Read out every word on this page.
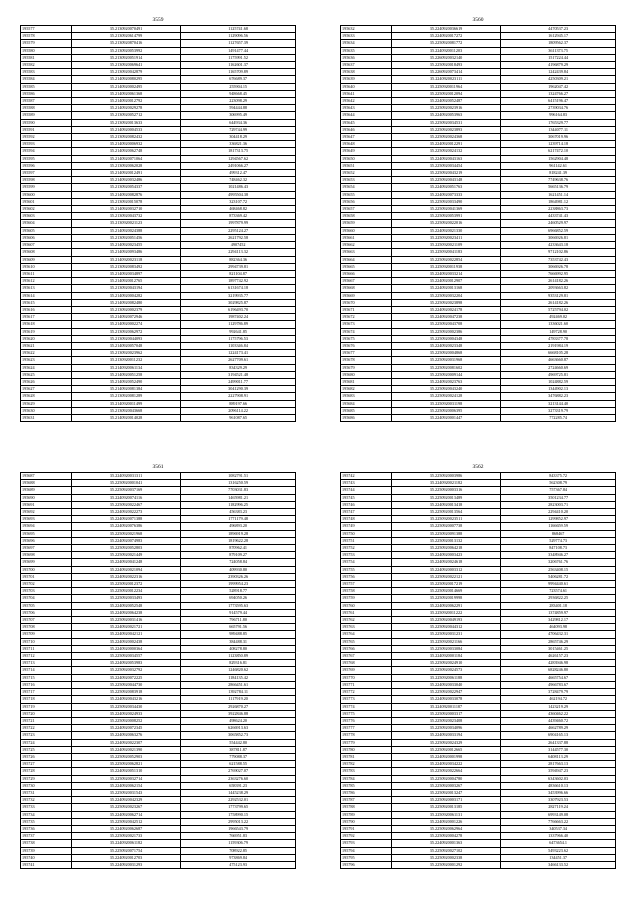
3559
195577	35.2130920070491	1125741.68
195578	35.2130920614799	1129096.56
195579	35.2130920870416	1127657.39
195580	35.2130920053992	1491477.44
195581	35.2130920051914	1175991.52
195582	35.2130920069641	1162601.37
195583	35.2130920042879	1165709.89
195584	35.2140920080295	676689.37
195585	35.2140920002495	255904.15
195586	35.2140920061368	948668.45
195587	35.2140920012792	223098.29
195588	35.2140920029278	594444.88
195589	35.2130920052712	306995.49
195590	35.2130920013633	644934.36
195591	35.2140920004533	729744.99
195592	35.2130920082432	304418.29
195593	35.2140920006932	336821.36
195594	35.2140920062748	1817313.75
195595	35.2140920071064	1294567.62
195596	35.2130920062028	2491066.27
195597	35.2140920012491	499312.47
195598	35.2140920032486	748462.32
195599	35.2130920054337	1021486.43
195600	35.2140920082876	4995504.38
195601	35.2130920015078	323107.72
195602	35.2140920032710	468468.82
195603	35.2130920043732	873369.42
195604	35.2130920021123	1997879.99
195605	35.2140920024388	2295124.27
195606	35.2130920051456	2621792.58
195607	35.2140920023455	4907452
195608	35.2140920093486	2294113.32
195609	35.2140920023118	882364.36
195610	35.2130920083492	2994739.81
195611	35.2140920034897	821104.87
195612	35.2140920012765	1897742.92
195613	35.2130920043194	6131674.18
195614	35.2140920004282	3219935.77
195615	35.2140920082480	3029825.87
195616	35.2130920002379	6196493.70
195617	35.2140920072946	1987402.24
195618	35.2140920002274	1129786.89
195619	35.2130920062972	992641.85
195620	35.2130920044093	1175796.53
195621	35.2140920057048	1103346.84
195622	35.2130920023962	1224173.41
195623	35.2130920011232	2627709.61
195624	35.2140920061134	834329.29
195625	35.2140920051258	3194521.48
195626	35.2140920052490	2499011.77
195627	35.2140920081384	3041290.39
195628	35.2130920081289	2227908.91
195629	35.2140920011499	889197.66
195630	35.2130920043668	2096114.22
195631	35.2140920014028	961087.65
3560
195632	35.2240920036619	4470537.23
195633	35.2240920017272	1612945.17
195634	35.2250920081772	1809562.37
195635	35.2240920011203	3611373.75
195636	35.2260920032140	1517224.44
195637	35.2250920018493	4196879.29
195638	35.2260920073414	1242439.84
195639	35.2240920023111	4250309.21
195640	35.2250920011964	1962047.42
195641	35.2250920012094	1324766.27
195642	35.2240920052487	6415196.47
195643	35.2250920023916	2739034.76
195644	35.2240920053963	996164.83
195645	35.2250920034531	1765329.77
195646	35.2250920023893	1344077.11
195647	35.2250920024368	3067019.96
195648	35.2240920012291	1239714.18
195649	35.2250920024132	6217472.10
195650	35.2240920043163	1562904.48
195651	35.2250920034454	961142.61
195652	35.2250920043219	818241.39
195653	35.2250920043148	7749638.76
195654	35.2240920051763	5665136.79
195655	35.2240920073333	1621451.14
195656	35.2250920033490	1864981.12
195657	35.2250920041369	2238863.73
195658	35.2250920053991	4433741.43
195659	35.2250920022016	2460529.97
195660	35.2240920021330	6966852.59
195661	35.2250920023411	3066926.81
195662	35.2250920021109	4233643.18
195663	35.2250920041183	9712102.86
195664	35.2250920022854	7353742.43
195665	35.2250920011938	3066926.78
195666	35.2240920033214	7666992.95
195667	35.2240920012907	2614182.26
195668	35.2240920013168	2093663.82
195669	35.2250920032204	9353129.81
195670	35.2250920023898	2614182.26
195671	35.2240920024178	5725794.02
195672	35.2240920047238	492469.02
195673	35.2250920043708	1336021.60
195674	35.2250920002386	149728.90
195675	35.2250920004348	4783377.78
195676	35.2240920023348	2191984.19
195677	35.2250920004868	6668105.28
195678	35.2250920031968	4663660.87
195679	35.2250920081602	2724660.69
195680	35.2250920009144	4969725.81
195681	35.2240920023763	1024882.59
195682	35.2250920043240	1344902.13
195683	35.2250920024128	3476882.23
195684	35.2250920031198	3213144.40
195685	35.2250920006395	3273319.79
195686	35.2240920001447	772285.74
3561
195687	35.2240920031311	1082791.51
195688	35.2250920001041	1316250.59
195689	35.2250920037169	7703031.83
195690	35.2240920074116	1465981.21
195691	35.2250920022467	1182996.25
195692	35.2240920022273	456383.23
195693	35.2240920071388	1771179.48
195694	35.2240920076386	496893.20
195695	35.2250920021968	1896919.28
195696	35.2240920074983	1819622.28
195697	35.2250920052803	870962.41
195698	35.2250920021449	879109.27
195699	35.2240920041248	724058.84
195700	35.2240920021094	409930.80
195701	35.2240920022316	2390326.26
195702	35.2250920012372	1999954.23
195703	35.2250920012234	528918.77
195704	35.2250920033493	694050.26
195705	35.2240920052548	1773595.63
195706	35.2240920064238	914579.44
195707	35.2250920031416	796711.80
195708	35.2240920021721	665791.56
195709	35.2240920042121	989488.85
195710	35.2240920002438	384488.31
195711	35.2240920000364	408278.80
195712	35.2250920034557	1123850.89
195713	35.2240920053983	829316.81
195714	35.2250920032792	1246820.62
195715	35.2240920072225	1184135.42
195716	35.2250920044730	2866451.61
195717	35.2250920083918	1392784.11
195718	35.2240920043216	1117919.20
195719	35.2250920034430	2926870.27
195720	35.2240920024933	3922846.88
195721	35.2250920008252	498624.20
195722	35.2240920072345	6266913.63
195723	35.2240920063276	3065852.73
195724	35.2240920022307	554442.80
195725	35.2240920021390	387811.87
195726	35.2250920052903	779088.37
195727	35.2250920062821	621588.55
195728	35.2240920051310	2769027.07
195729	35.2250920032714	2363276.60
195730	35.2240920062154	658391.23
195731	35.2250920031543	1445238.29
195732	35.2240920042329	2292532.01
195733	35.2250920023267	1773799.65
195734	35.2240920062714	1758990.15
195735	35.2250920042512	2995013.22
195736	35.2240920062687	1966543.79
195737	35.2250920021733	766951.83
195738	35.2240920061182	1159306.79
195739	35.2250920071754	708922.85
195740	35.2240920012703	973869.84
195741	35.2240920031293	475123.93
3562
195742	35.2250920003986	843375.72
195743	35.2240920021182	562308.79
195744	35.2250920003316	757367.84
195745	35.2250920013489	3501234.77
195746	35.2240920013418	2823003.71
195747	35.2250920013564	2294410.20
195748	35.2250920023511	1299852.97
195749	35.2250920007738	1166659.59
195750	35.2250920091388	868467
195751	35.2250920013132	529774.73
195752	35.2250920064218	847108.73
195753	35.2240920003423	3348946.27
195754	35.2240920024618	3206761.76
195755	35.2240920003312	2563408.15
195756	35.2250920022121	5406281.72
195757	35.2250920017219	9994440.61
195758	35.2250920014669	723574.61
195759	35.2250920019998	2936822.25
195760	35.2240920062291	283401.18
195761	35.2250920011222	1374859.97
195762	35.2250920049193	3429812.17
195763	35.2250920044312	464093.98
195764	35.2250920031231	4706432.31
195765	35.2250920021166	2865746.29
195766	35.2250920033084	3015461.25
195767	35.2240920001184	4626157.23
195768	35.2250920024910	4283946.98
195769	35.2250920024573	6828246.80
195770	35.2250920061188	4665754.67
195771	35.2240920033040	4966783.67
195772	35.2250920022947	3728479.79
195773	35.2240920033078	462194.72
195774	35.2240920011187	1423219.29
195775	35.2250920003317	4360462.22
195776	35.2250920023408	4439460.72
195777	35.2250920034096	4662789.29
195778	35.2240920033194	6904165.13
195779	35.2250920024329	2641337.88
195780	35.2250920012665	3144577.30
195781	35.2240920001998	6408113.29
195782	35.2240920034222	2817663.13
195783	35.2250920022664	3594947.23
195784	35.2250920004780	6343602.03
195785	35.2250920003267	4836610.13
195786	35.2250920013247	3453996.66
195787	35.2250920003171	3307923.53
195788	35.2250920013185	2827119.24
195789	35.2250920061131	6993149.08
195790	35.2240920001226	7766663.22
195791	35.2250920062964	340537.34
195792	35.2250920004278	1337966.40
195793	35.2240920001363	6473654.1
195794	35.2250920027102	5493223.62
195795	35.2250920002338	134451.37
195796	35.2250920001292	3466133.52
